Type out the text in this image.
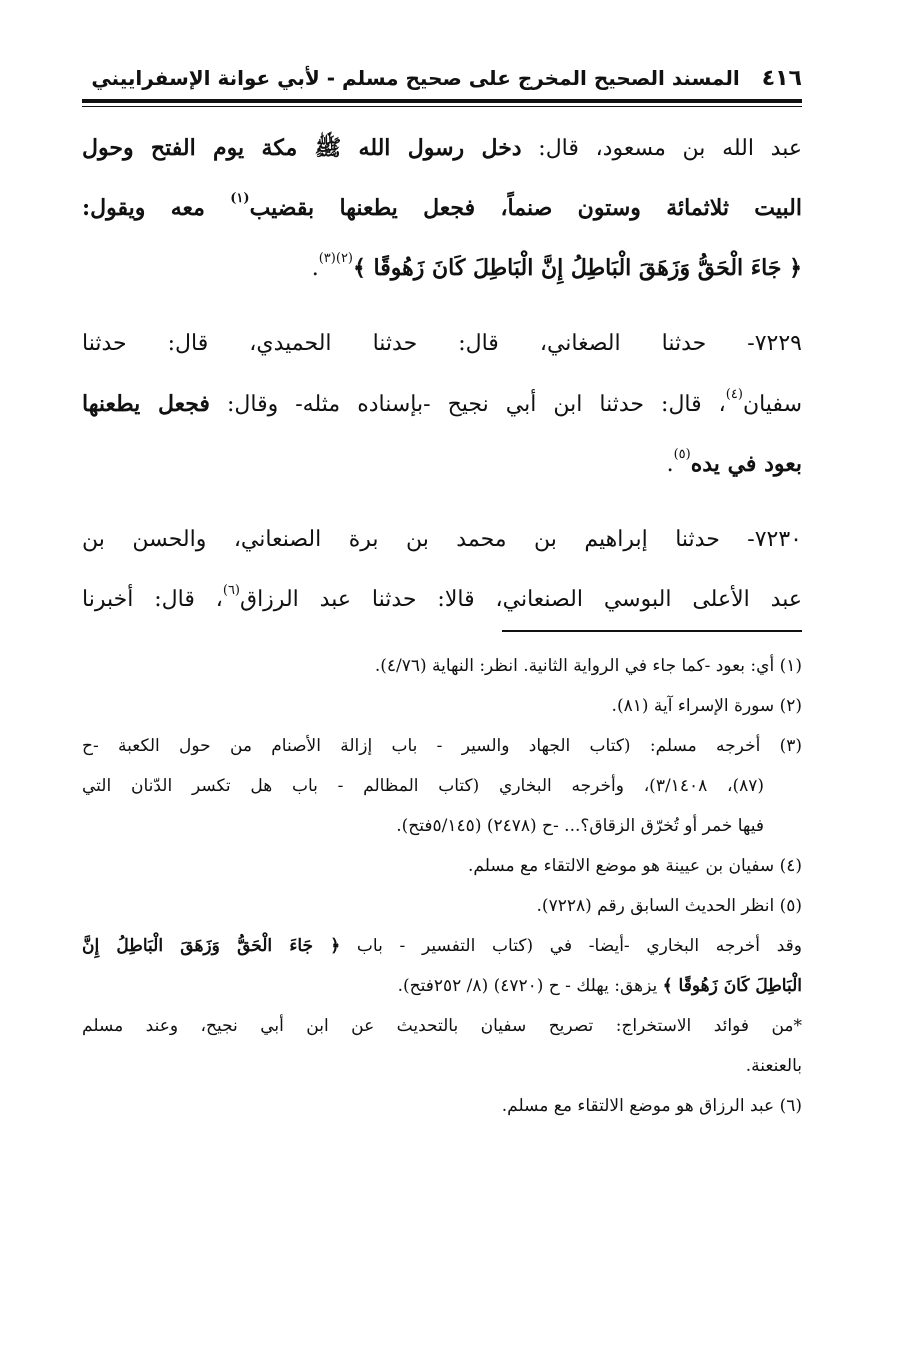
٤١٦
المسند الصحيح المخرج على صحيح مسلم - لأبي عوانة الإسفراييني
عبد الله بن مسعود، قال: دخل رسول الله ﷺ مكة يوم الفتح وحول
البيت ثلاثمائة وستون صنماً، فجعل يطعنها بقضيب$^{(١)}$ معه ويقول:
﴿ جَاءَ الْحَقُّ وَزَهَقَ الْبَاطِلُ إِنَّ الْبَاطِلَ كَانَ زَهُوقًا ﴾$^{(٢)(٣)}$.
٧٢٢٩- حدثنا الصغاني، قال: حدثنا الحميدي، قال: حدثنا
سفيان$^{(٤)}$، قال: حدثنا ابن أبي نجيح -بإسناده مثله- وقال: فجعل يطعنها
بعود في يده$^{(٥)}$.
٧٢٣٠- حدثنا إبراهيم بن محمد بن برة الصنعاني، والحسن بن
عبد الأعلى البوسي الصنعاني، قالا: حدثنا عبد الرزاق$^{(٦)}$، قال: أخبرنا
(١) أي: بعود -كما جاء في الرواية الثانية. انظر: النهاية (٤/٧٦).
(٢) سورة الإسراء آية (٨١).
(٣) أخرجه مسلم: (كتاب الجهاد والسير - باب إزالة الأصنام من حول الكعبة -ح
(٨٧)، ٣/١٤٠٨)، وأخرجه البخاري (كتاب المظالم - باب هل تكسر الدّنان التي
فيها خمر أو تُخرّق الزقاق؟... -ح (٢٤٧٨) (٥/١٤٥فتح).
(٤) سفيان بن عيينة هو موضع الالتقاء مع مسلم.
(٥) انظر الحديث السابق رقم (٧٢٢٨).
وقد أخرجه البخاري -أيضا- في (كتاب التفسير - باب ﴿ جَاءَ الْحَقُّ وَزَهَقَ الْبَاطِلُ إِنَّ
الْبَاطِلَ كَانَ زَهُوقًا ﴾ يزهق: يهلك - ح (٤٧٢٠) (٨/ ٢٥٢فتح).
*من فوائد الاستخراج: تصريح سفيان بالتحديث عن ابن أبي نجيح، وعند مسلم
بالعنعنة.
(٦) عبد الرزاق هو موضع الالتقاء مع مسلم.
